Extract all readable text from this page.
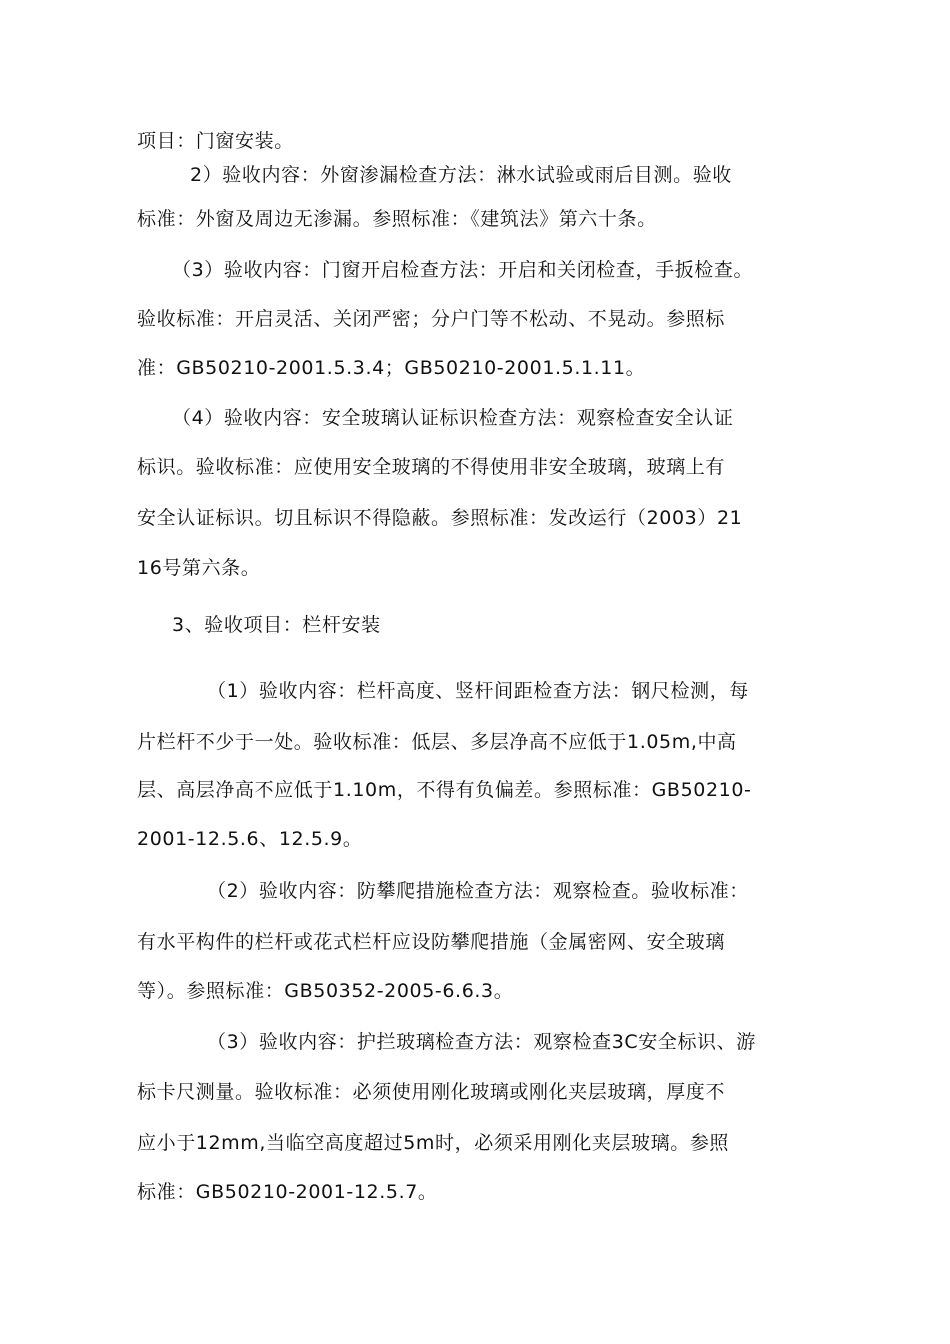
项目：门窗安装。
2）验收内容：外窗渗漏检查方法：淋水试验或雨后目测。验收
标准：外窗及周边无渗漏。参照标准：《建筑法》第六十条。
（3）验收内容：门窗开启检查方法：开启和关闭检查，手扳检查。
验收标准：开启灵活、关闭严密；分户门等不松动、不晃动。参照标
准：GB50210-2001.5.3.4；GB50210-2001.5.1.11。
（4）验收内容：安全玻璃认证标识检查方法：观察检查安全认证
标识。验收标准：应使用安全玻璃的不得使用非安全玻璃，玻璃上有
安全认证标识。切且标识不得隐蔽。参照标准：发改运行（2003）21
16号第六条。
3、验收项目：栏杆安装
（1）验收内容：栏杆高度、竖杆间距检查方法：钢尺检测，每
片栏杆不少于一处。验收标准：低层、多层净高不应低于1.05m,中高
层、高层净高不应低于1.10m，不得有负偏差。参照标准：GB50210-
2001-12.5.6、12.5.9。
（2）验收内容：防攀爬措施检查方法：观察检查。验收标准：
有水平构件的栏杆或花式栏杆应设防攀爬措施（金属密网、安全玻璃
等）。参照标准：GB50352-2005-6.6.3。
（3）验收内容：护拦玻璃检查方法：观察检查3C安全标识、游
标卡尺测量。验收标准：必须使用刚化玻璃或刚化夹层玻璃，厚度不
应小于12mm,当临空高度超过5m时，必须采用刚化夹层玻璃。参照
标准：GB50210-2001-12.5.7。
